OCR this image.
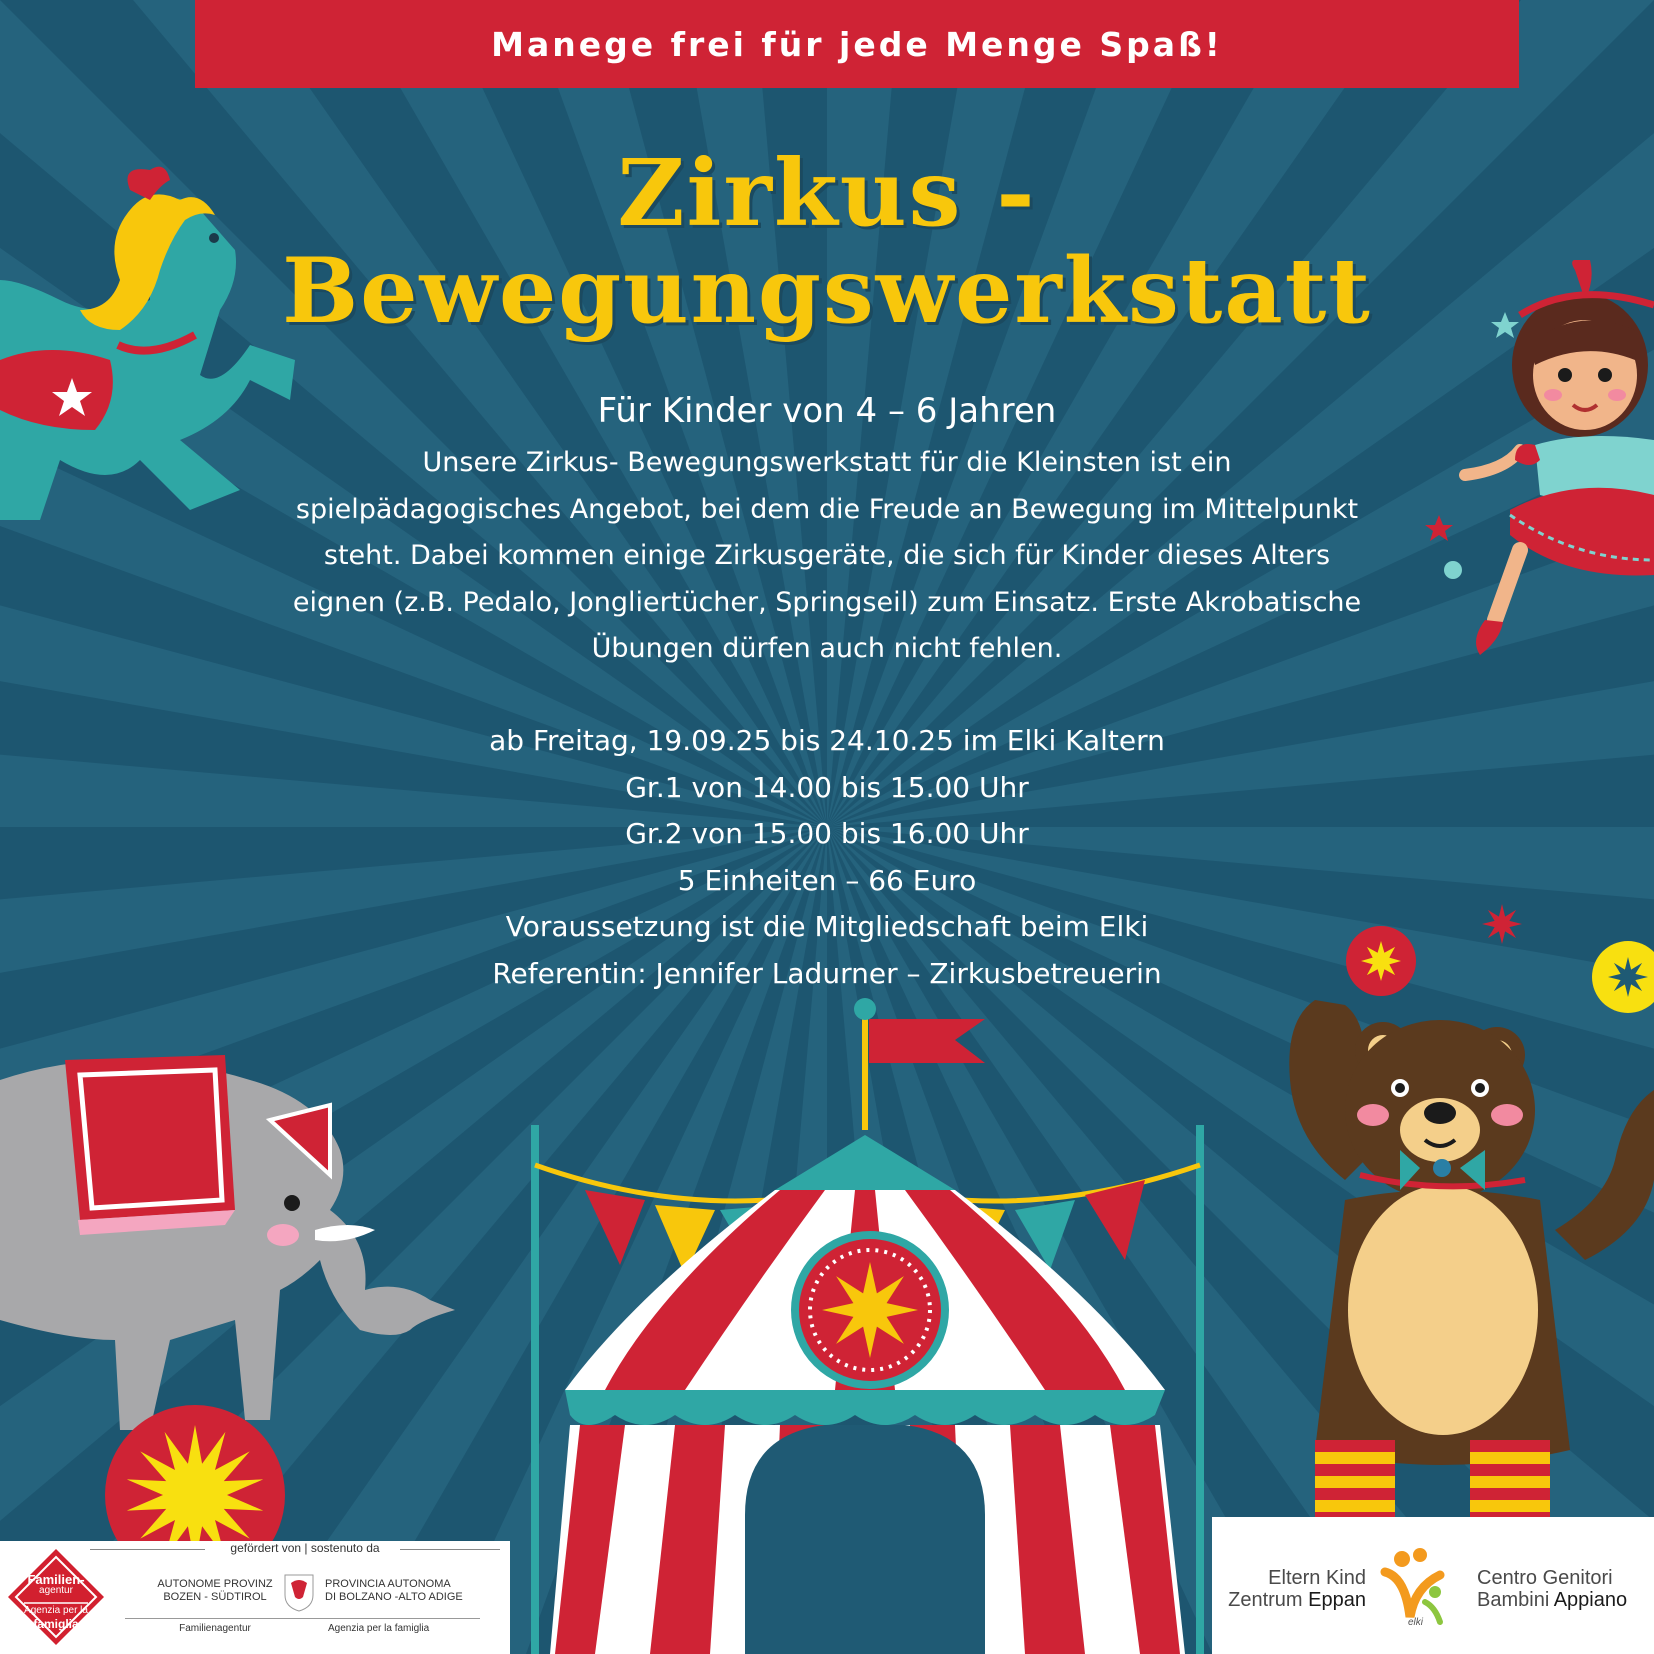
Manege frei für jede Menge Spaß!
Zirkus -
Bewegungswerkstatt
Für Kinder von 4 – 6 Jahren
Unsere Zirkus- Bewegungswerkstatt für die Kleinsten ist ein
spielpädagogisches Angebot, bei dem die Freude an Bewegung im Mittelpunkt
steht. Dabei kommen einige Zirkusgeräte, die sich für Kinder dieses Alters
eignen (z.B. Pedalo, Jongliertücher, Springseil) zum Einsatz. Erste Akrobatische
Übungen dürfen auch nicht fehlen.
ab Freitag, 19.09.25 bis 24.10.25 im Elki Kaltern
Gr.1 von 14.00 bis 15.00 Uhr
Gr.2 von 15.00 bis 16.00 Uhr
5 Einheiten – 66 Euro
Voraussetzung ist die Mitgliedschaft beim Elki
Referentin: Jennifer Ladurner – Zirkusbetreuerin
gefördert von | sostenuto da
Familien-
agentur
Agenzia per la
famiglia
AUTONOME PROVINZ
BOZEN - SÜDTIROL
Familienagentur
PROVINCIA AUTONOMA
DI BOLZANO -ALTO ADIGE
Agenzia per la famiglia
Eltern Kind
Zentrum Eppan
elki
Centro Genitori
Bambini Appiano
